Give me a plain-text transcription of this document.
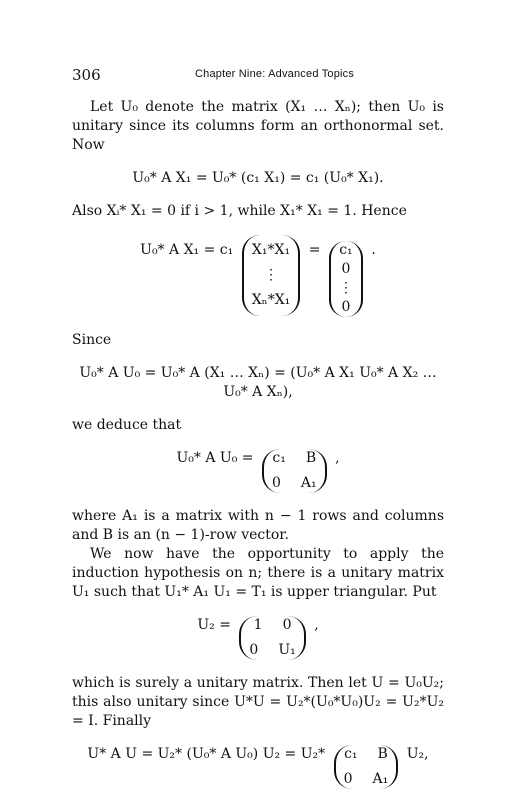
306	Chapter Nine: Advanced Topics

Let U₀ denote the matrix (X₁ … Xₙ); then U₀ is unitary since its columns form an orthonormal set. Now

U₀* A X₁ = U₀* (c₁ X₁) = c₁ (U₀* X₁).

Also Xᵢ* X₁ = 0 if i > 1, while X₁* X₁ = 1. Hence

U₀* A X₁ = c₁ X₁*X₁
⋮
Xₙ*X₁
= c₁
0
⋮
0
.

Since

U₀* A U₀ = U₀* A (X₁ … Xₙ) = (U₀* A X₁ U₀* A X₂ … U₀* A Xₙ),

we deduce that

U₀* A U₀ = c₁ B
0 A₁
,

where A₁ is a matrix with n − 1 rows and columns and B is an (n − 1)-row vector.

We now have the opportunity to apply the induction hypothesis on n; there is a unitary matrix U₁ such that U₁* A₁ U₁ = T₁ is upper triangular. Put

U₂ = 1 0
0 U₁
,

which is surely a unitary matrix. Then let U = U₀U₂; this also unitary since U*U = U₂*(U₀*U₀)U₂ = U₂*U₂ = I. Finally

U* A U = U₂* (U₀* A U₀) U₂ = U₂* c₁ B
0 A₁
U₂,
